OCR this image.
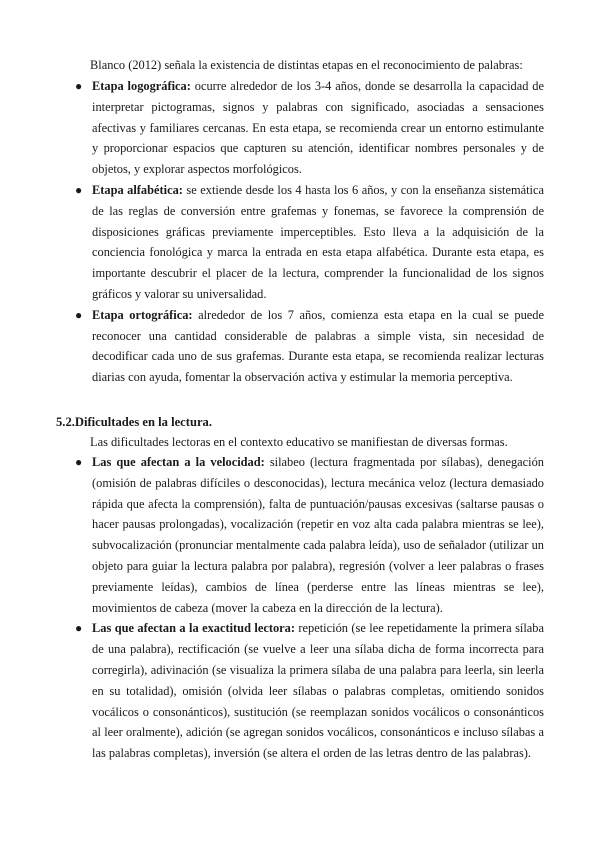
Blanco (2012) señala la existencia de distintas etapas en el reconocimiento de palabras:

● Etapa logográfica: ocurre alrededor de los 3-4 años, donde se desarrolla la capacidad de interpretar pictogramas, signos y palabras con significado, asociadas a sensaciones afectivas y familiares cercanas. En esta etapa, se recomienda crear un entorno estimulante y proporcionar espacios que capturen su atención, identificar nombres personales y de objetos, y explorar aspectos morfológicos.
● Etapa alfabética: se extiende desde los 4 hasta los 6 años, y con la enseñanza sistemática de las reglas de conversión entre grafemas y fonemas, se favorece la comprensión de disposiciones gráficas previamente imperceptibles. Esto lleva a la adquisición de la conciencia fonológica y marca la entrada en esta etapa alfabética. Durante esta etapa, es importante descubrir el placer de la lectura, comprender la funcionalidad de los signos gráficos y valorar su universalidad.
● Etapa ortográfica: alrededor de los 7 años, comienza esta etapa en la cual se puede reconocer una cantidad considerable de palabras a simple vista, sin necesidad de decodificar cada uno de sus grafemas. Durante esta etapa, se recomienda realizar lecturas diarias con ayuda, fomentar la observación activa y estimular la memoria perceptiva.
5.2.Dificultades en la lectura.

Las dificultades lectoras en el contexto educativo se manifiestan de diversas formas.

● Las que afectan a la velocidad: silabeo (lectura fragmentada por sílabas), denegación (omisión de palabras difíciles o desconocidas), lectura mecánica veloz (lectura demasiado rápida que afecta la comprensión), falta de puntuación/pausas excesivas (saltarse pausas o hacer pausas prolongadas), vocalización (repetir en voz alta cada palabra mientras se lee), subvocalización (pronunciar mentalmente cada palabra leída), uso de señalador (utilizar un objeto para guiar la lectura palabra por palabra), regresión (volver a leer palabras o frases previamente leídas), cambios de línea (perderse entre las líneas mientras se lee), movimientos de cabeza (mover la cabeza en la dirección de la lectura).
● Las que afectan a la exactitud lectora: repetición (se lee repetidamente la primera sílaba de una palabra), rectificación (se vuelve a leer una sílaba dicha de forma incorrecta para corregirla), adivinación (se visualiza la primera sílaba de una palabra para leerla, sin leerla en su totalidad), omisión (olvida leer sílabas o palabras completas, omitiendo sonidos vocálicos o consonánticos), sustitución (se reemplazan sonidos vocálicos o consonánticos al leer oralmente), adición (se agregan sonidos vocálicos, consonánticos e incluso sílabas a las palabras completas), inversión (se altera el orden de las letras dentro de las palabras).
